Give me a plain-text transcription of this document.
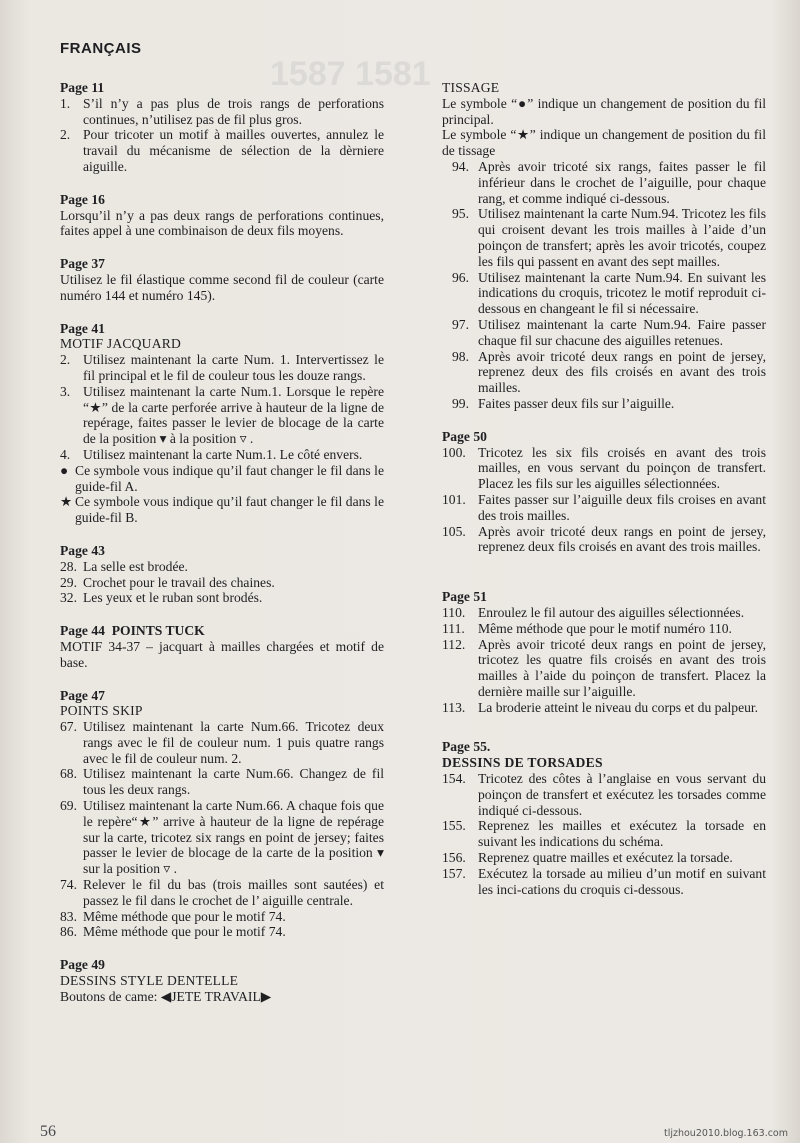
1587 1581
FRANÇAIS
Page 11
1. S’il n’y a pas plus de trois rangs de perforations continues, n’utilisez pas de fil plus gros.
2. Pour tricoter un motif à mailles ouvertes, annulez le travail du mécanisme de sélection de la dèrniere aiguille.
Page 16

Lorsqu’il n’y a pas deux rangs de perforations continues, faites appel à une combinaison de deux fils moyens.

Page 37

Utilisez le fil élastique comme second fil de couleur (carte numéro 144 et numéro 145).

Page 41
MOTIF JACQUARD
2. Utilisez maintenant la carte Num. 1. Intervertissez le fil principal et le fil de couleur tous les douze rangs.
3. Utilisez maintenant la carte Num.1. Lorsque le repère “★” de la carte perforée arrive à hauteur de la ligne de repérage, faites passer le levier de blocage de la carte de la position ▾ à la position ▿ .
4. Utilisez maintenant la carte Num.1. Le côté envers.
● Ce symbole vous indique qu’il faut changer le fil dans le guide-fil A.
★ Ce symbole vous indique qu’il faut changer le fil dans le guide-fil B.
Page 43
28. La selle est brodée.
29. Crochet pour le travail des chaines.
32. Les yeux et le ruban sont brodés.
Page 44  POINTS TUCK

MOTIF 34-37 – jacquart à mailles chargées et motif de base.

Page 47
POINTS SKIP
67. Utilisez maintenant la carte Num.66. Tricotez deux rangs avec le fil de couleur num. 1 puis quatre rangs avec le fil de couleur num. 2.
68. Utilisez maintenant la carte Num.66. Changez de fil tous les deux rangs.
69. Utilisez maintenant la carte Num.66. A chaque fois que le repère“★” arrive à hauteur de la ligne de repérage sur la carte, tricotez six rangs en point de jersey; faites passer le levier de blocage de la carte de la position ▾ sur la position ▿ .
74. Relever le fil du bas (trois mailles sont sautées) et passez le fil dans le crochet de l’ aiguille centrale.
83. Même méthode que pour le motif 74.
86. Même méthode que pour le motif 74.
Page 49
DESSINS STYLE DENTELLE

Boutons de came: ◀JETE TRAVAIL▶

TISSAGE

Le symbole “●” indique un changement de position du fil principal.

Le symbole “★” indique un changement de position du fil de tissage

94. Après avoir tricoté six rangs, faites passer le fil inférieur dans le crochet de l’aiguille, pour chaque rang, et comme indiqué ci-dessous.
95. Utilisez maintenant la carte Num.94. Tricotez les fils qui croisent devant les trois mailles à l’aide d’un poinçon de transfert; après les avoir tricotés, coupez les fils qui passent en avant des sept mailles.
96. Utilisez maintenant la carte Num.94. En suivant les indications du croquis, tricotez le motif reproduit ci-dessous en changeant le fil si nécessaire.
97. Utilisez maintenant la carte Num.94. Faire passer chaque fil sur chacune des aiguilles retenues.
98. Après avoir tricoté deux rangs en point de jersey, reprenez deux des fils croisés en avant des trois mailles.
99. Faites passer deux fils sur l’aiguille.
Page 50
100. Tricotez les six fils croisés en avant des trois mailles, en vous servant du poinçon de transfert. Placez les fils sur les aiguilles sélectionnées.
101. Faites passer sur l’aiguille deux fils croises en avant des trois mailles.
105. Après avoir tricoté deux rangs en point de jersey, reprenez deux fils croisés en avant des trois mailles.
Page 51
110. Enroulez le fil autour des aiguilles sélectionnées.
111. Même méthode que pour le motif numéro 110.
112. Après avoir tricoté deux rangs en point de jersey, tricotez les quatre fils croisés en avant des trois mailles à l’aide du poinçon de transfert. Placez la dernière maille sur l’aiguille.
113. La broderie atteint le niveau du corps et du palpeur.
Page 55.
DESSINS DE TORSADES
154. Tricotez des côtes à l’anglaise en vous servant du poinçon de transfert et exécutez les torsades comme indiqué ci-dessous.
155. Reprenez les mailles et exécutez la torsade en suivant les indications du schéma.
156. Reprenez quatre mailles et exécutez la torsade.
157. Exécutez la torsade au milieu d’un motif en suivant les inci-cations du croquis ci-dessous.
56	tljzhou2010.blog.163.com
